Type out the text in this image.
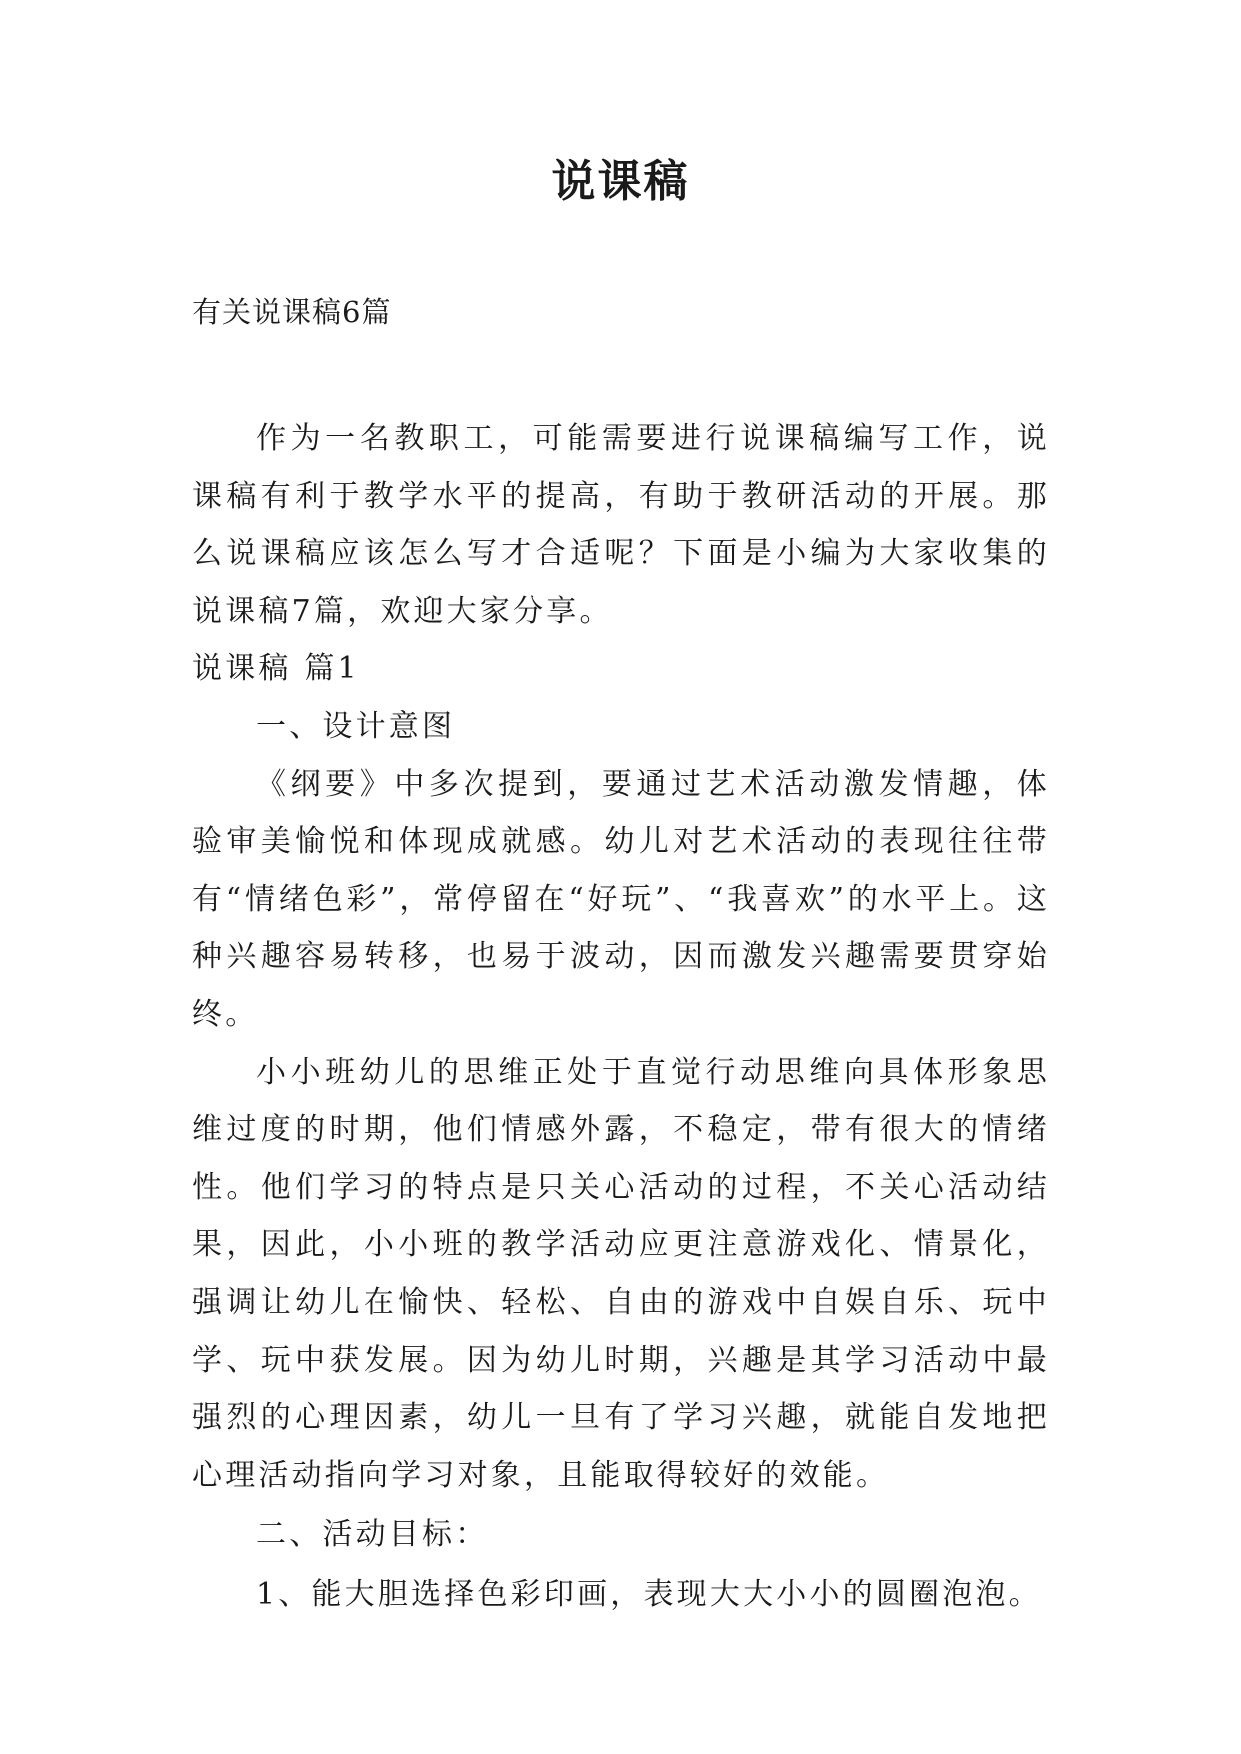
说课稿
有关说课稿6篇

作为一名教职工，可能需要进行说课稿编写工作，说课稿有利于教学水平的提高，有助于教研活动的开展。那么说课稿应该怎么写才合适呢？下面是小编为大家收集的说课稿7篇，欢迎大家分享。

说课稿 篇1

一、设计意图

《纲要》中多次提到，要通过艺术活动激发情趣，体验审美愉悦和体现成就感。幼儿对艺术活动的表现往往带有“情绪色彩”，常停留在“好玩”、“我喜欢”的水平上。这种兴趣容易转移，也易于波动，因而激发兴趣需要贯穿始终。

小小班幼儿的思维正处于直觉行动思维向具体形象思维过度的时期，他们情感外露，不稳定，带有很大的情绪性。他们学习的特点是只关心活动的过程，不关心活动结果，因此，小小班的教学活动应更注意游戏化、情景化，强调让幼儿在愉快、轻松、自由的游戏中自娱自乐、玩中学、玩中获发展。因为幼儿时期，兴趣是其学习活动中最强烈的心理因素，幼儿一旦有了学习兴趣，就能自发地把心理活动指向学习对象，且能取得较好的效能。

二、活动目标：

1、能大胆选择色彩印画，表现大大小小的圆圈泡泡。
